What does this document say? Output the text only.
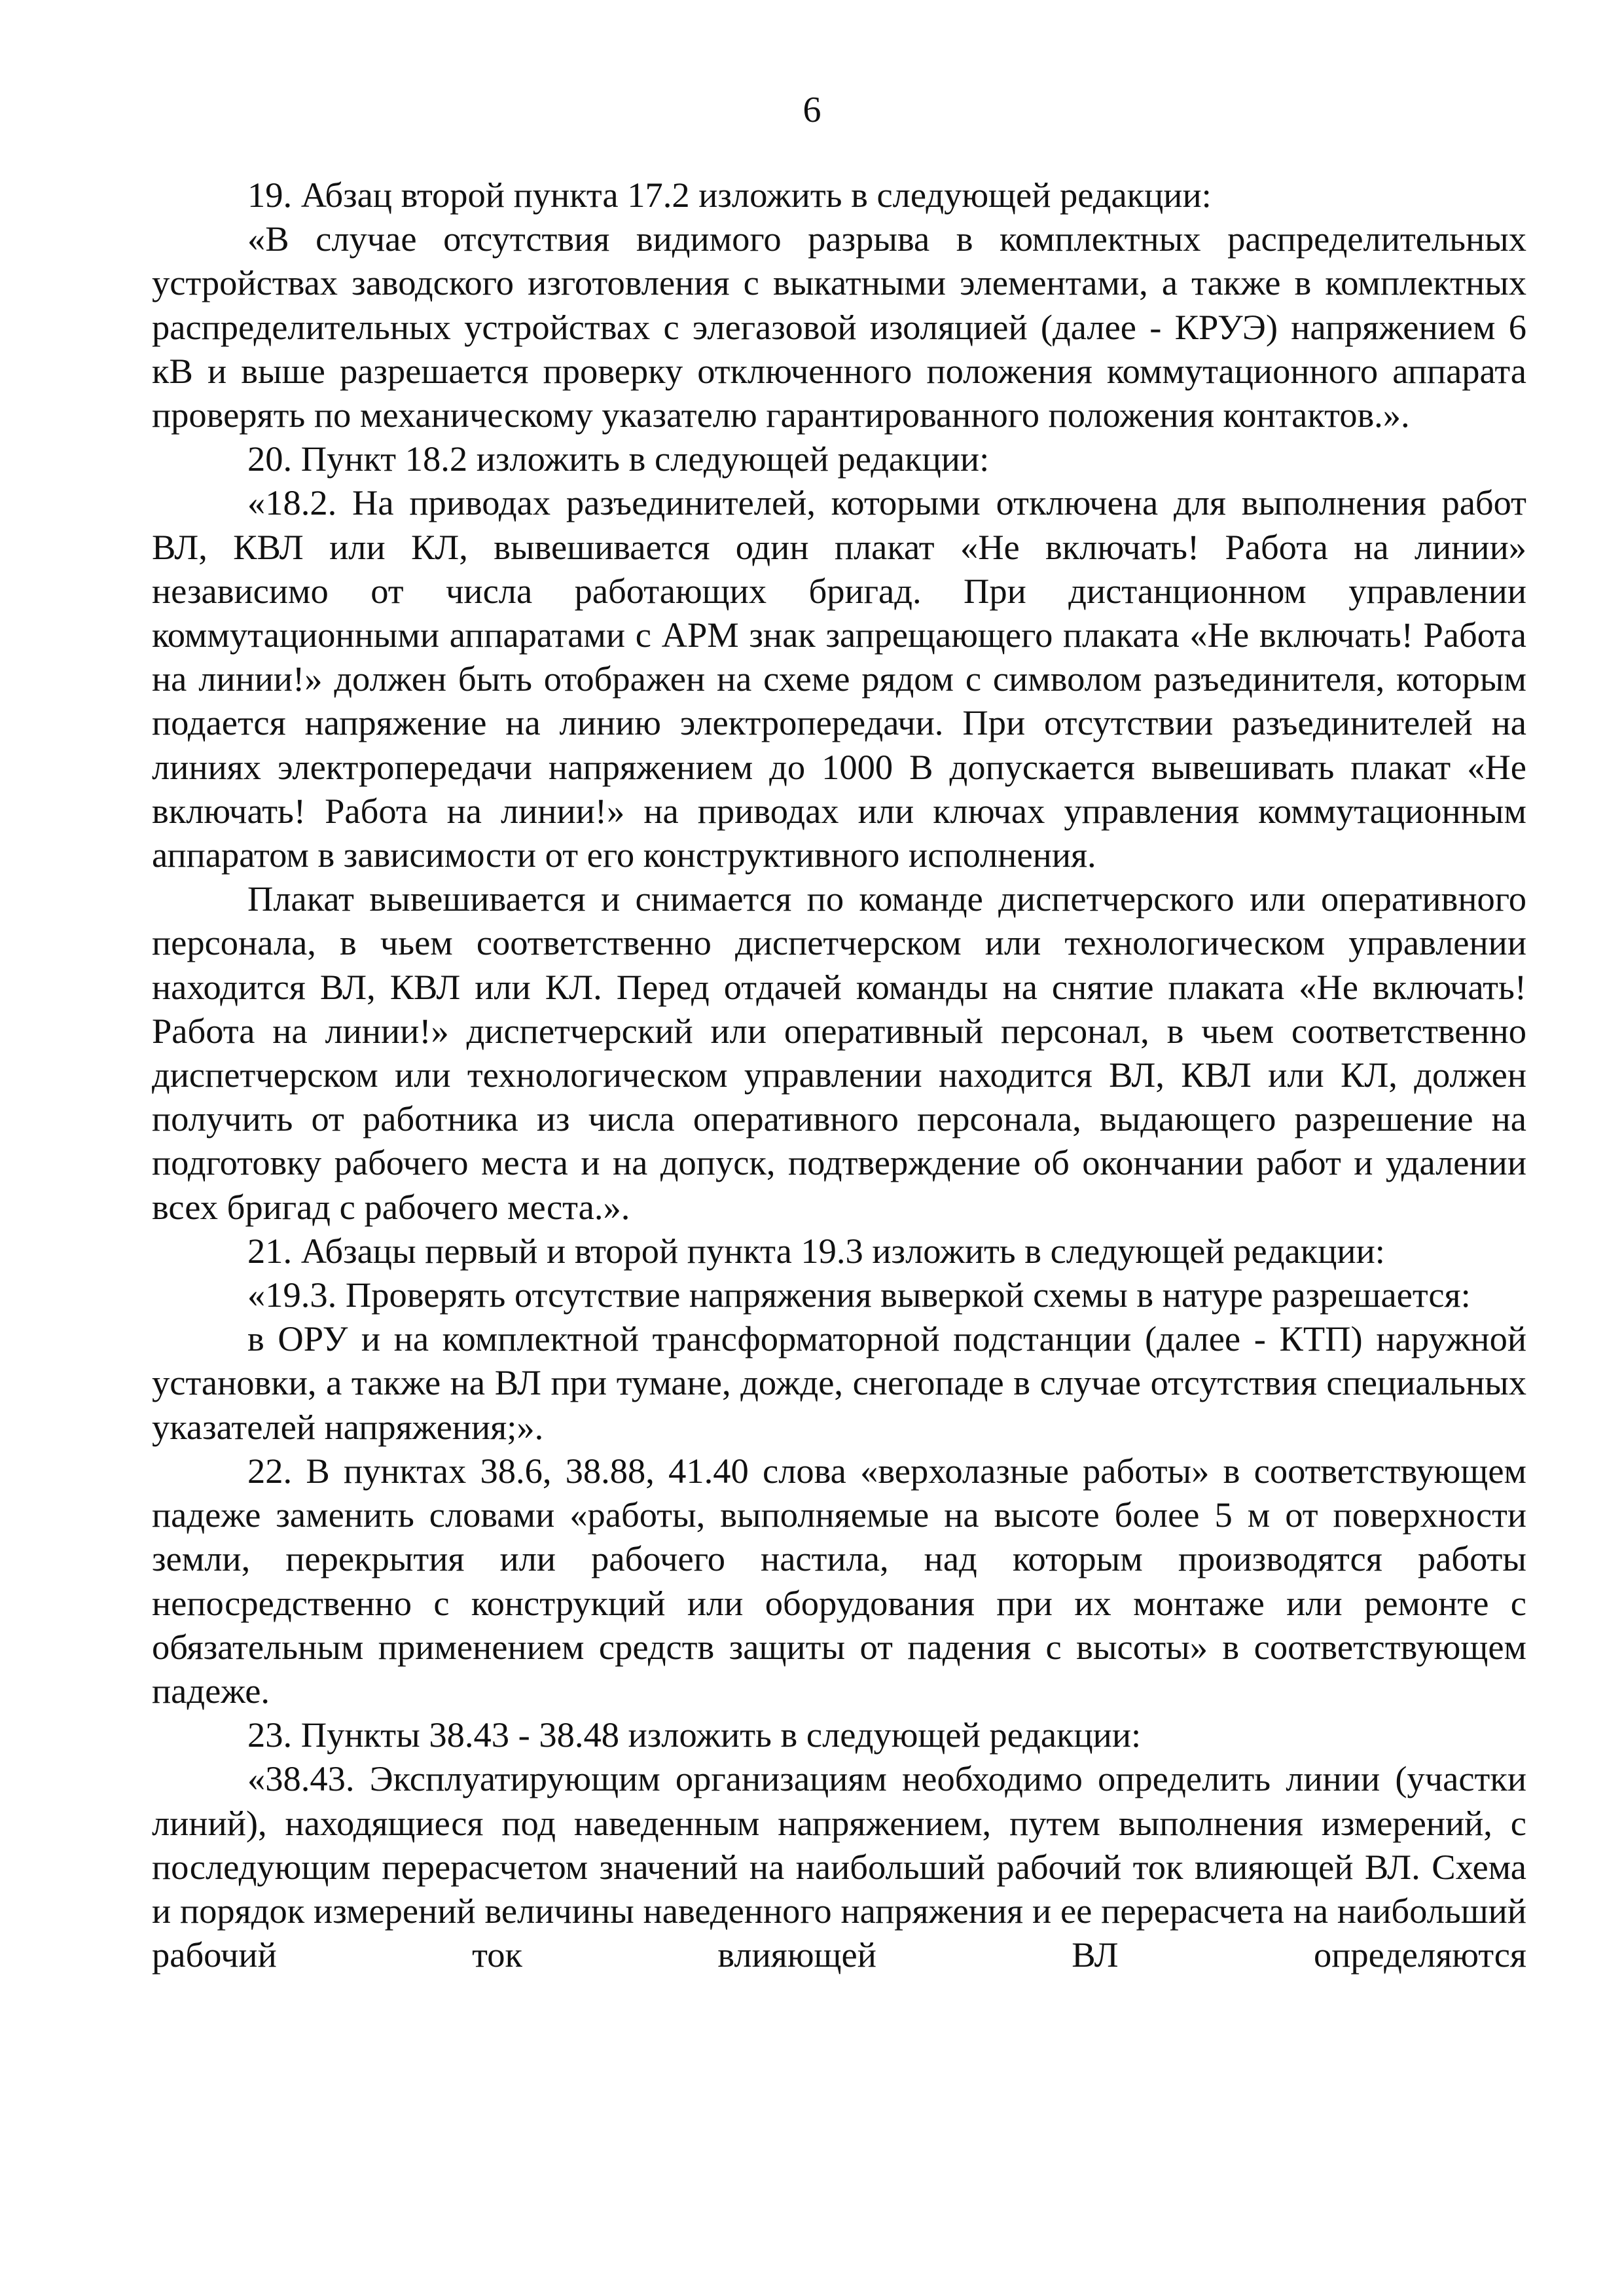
6

19. Абзац второй пункта 17.2 изложить в следующей редакции:

«В случае отсутствия видимого разрыва в комплектных распределительных устройствах заводского изготовления с выкатными элементами, а также в комплектных распределительных устройствах с элегазовой изоляцией (далее - КРУЭ) напряжением 6 кВ и выше разрешается проверку отключенного положения коммутационного аппарата проверять по механическому указателю гарантированного положения контактов.».

20. Пункт 18.2 изложить в следующей редакции:

«18.2. На приводах разъединителей, которыми отключена для выполнения работ ВЛ, КВЛ или КЛ, вывешивается один плакат «Не включать! Работа на линии» независимо от числа работающих бригад. При дистанционном управлении коммутационными аппаратами с АРМ знак запрещающего плаката «Не включать! Работа на линии!» должен быть отображен на схеме рядом с символом разъединителя, которым подается напряжение на линию электропередачи. При отсутствии разъединителей на линиях электропередачи напряжением до 1000 В допускается вывешивать плакат «Не включать! Работа на линии!» на приводах или ключах управления коммутационным аппаратом в зависимости от его конструктивного исполнения.

Плакат вывешивается и снимается по команде диспетчерского или оперативного персонала, в чьем соответственно диспетчерском или технологическом управлении находится ВЛ, КВЛ или КЛ. Перед отдачей команды на снятие плаката «Не включать! Работа на линии!» диспетчерский или оперативный персонал, в чьем соответственно диспетчерском или технологическом управлении находится ВЛ, КВЛ или КЛ, должен получить от работника из числа оперативного персонала, выдающего разрешение на подготовку рабочего места и на допуск, подтверждение об окончании работ и удалении всех бригад с рабочего места.».

21. Абзацы первый и второй пункта 19.3 изложить в следующей редакции:

«19.3. Проверять отсутствие напряжения выверкой схемы в натуре разрешается:

в ОРУ и на комплектной трансформаторной подстанции (далее - КТП) наружной установки, а также на ВЛ при тумане, дожде, снегопаде в случае отсутствия специальных указателей напряжения;».

22. В пунктах 38.6, 38.88, 41.40 слова «верхолазные работы» в соответствующем падеже заменить словами «работы, выполняемые на высоте более 5 м от поверхности земли, перекрытия или рабочего настила, над которым производятся работы непосредственно с конструкций или оборудования при их монтаже или ремонте с обязательным применением средств защиты от падения с высоты» в соответствующем падеже.

23. Пункты 38.43 - 38.48 изложить в следующей редакции:

«38.43. Эксплуатирующим организациям необходимо определить линии (участки линий), находящиеся под наведенным напряжением, путем выполнения измерений, с последующим перерасчетом значений на наибольший рабочий ток влияющей ВЛ. Схема и порядок измерений величины наведенного напряжения и ее перерасчета на наибольший рабочий ток влияющей ВЛ определяются
